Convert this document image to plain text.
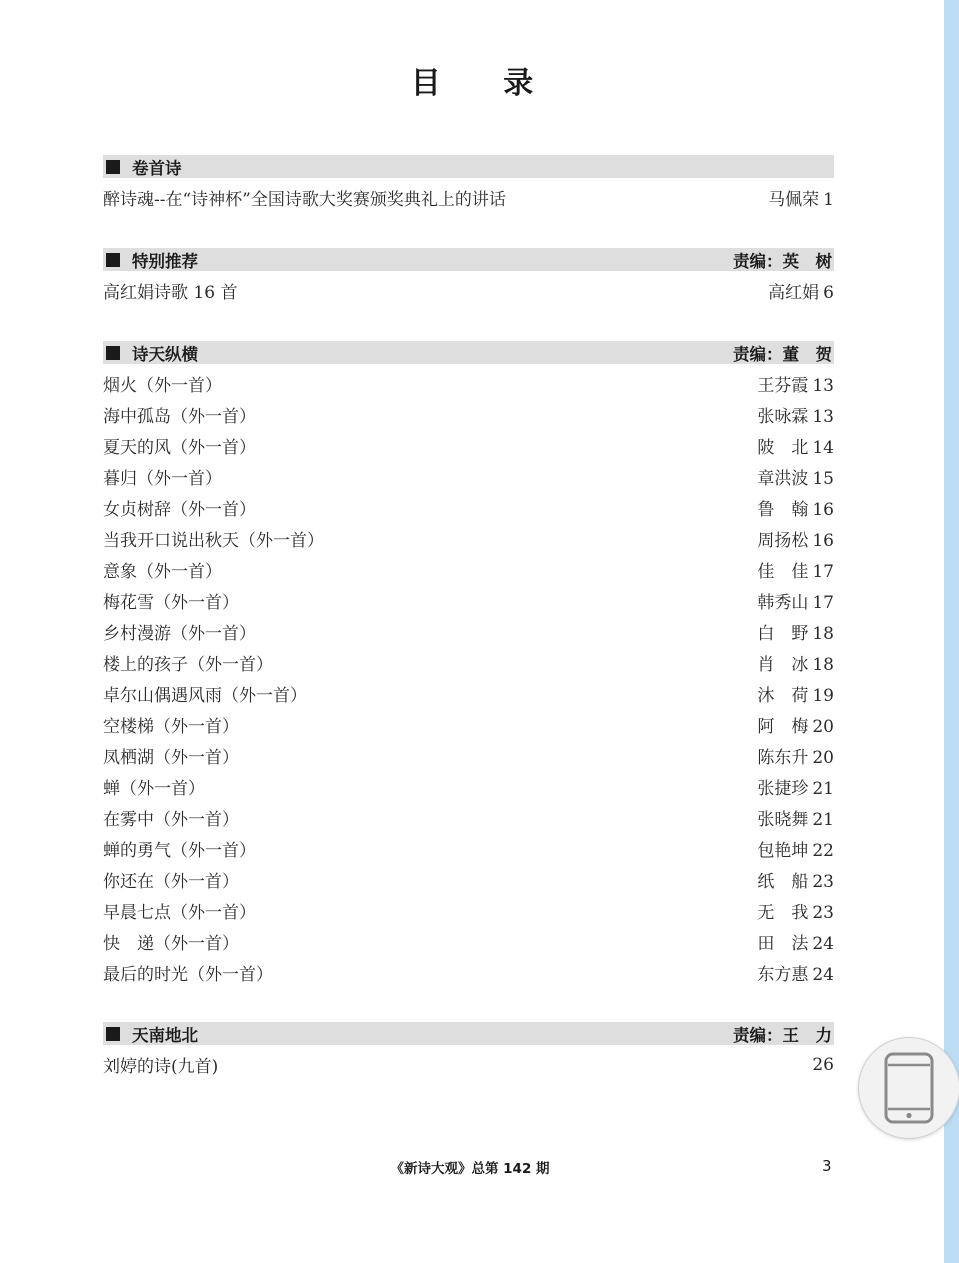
目 录
卷首诗
醉诗魂--在“诗神杯”全国诗歌大奖赛颁奖典礼上的讲话	马佩荣 1
特别推荐	责编：英　树
高红娟诗歌 16 首	高红娟 6
诗天纵横	责编：董　贺
烟火（外一首）	王芬霞 13
海中孤岛（外一首）	张咏霖 13
夏天的风（外一首）	陂　北 14
暮归（外一首）	章洪波 15
女贞树辞（外一首）	鲁　翰 16
当我开口说出秋天（外一首）	周扬松 16
意象（外一首）	佳　佳 17
梅花雪（外一首）	韩秀山 17
乡村漫游（外一首）	白　野 18
楼上的孩子（外一首）	肖　冰 18
卓尔山偶遇风雨（外一首）	沐　荷 19
空楼梯（外一首）	阿　梅 20
凤栖湖（外一首）	陈东升 20
蝉（外一首）	张捷珍 21
在雾中（外一首）	张晓舞 21
蝉的勇气（外一首）	包艳坤 22
你还在（外一首）	纸　船 23
早晨七点（外一首）	无　我 23
快　递（外一首）	田　法 24
最后的时光（外一首）	东方惠 24
天南地北	责编：王　力
刘婷的诗(九首)	26
《新诗大观》总第 142 期	3
